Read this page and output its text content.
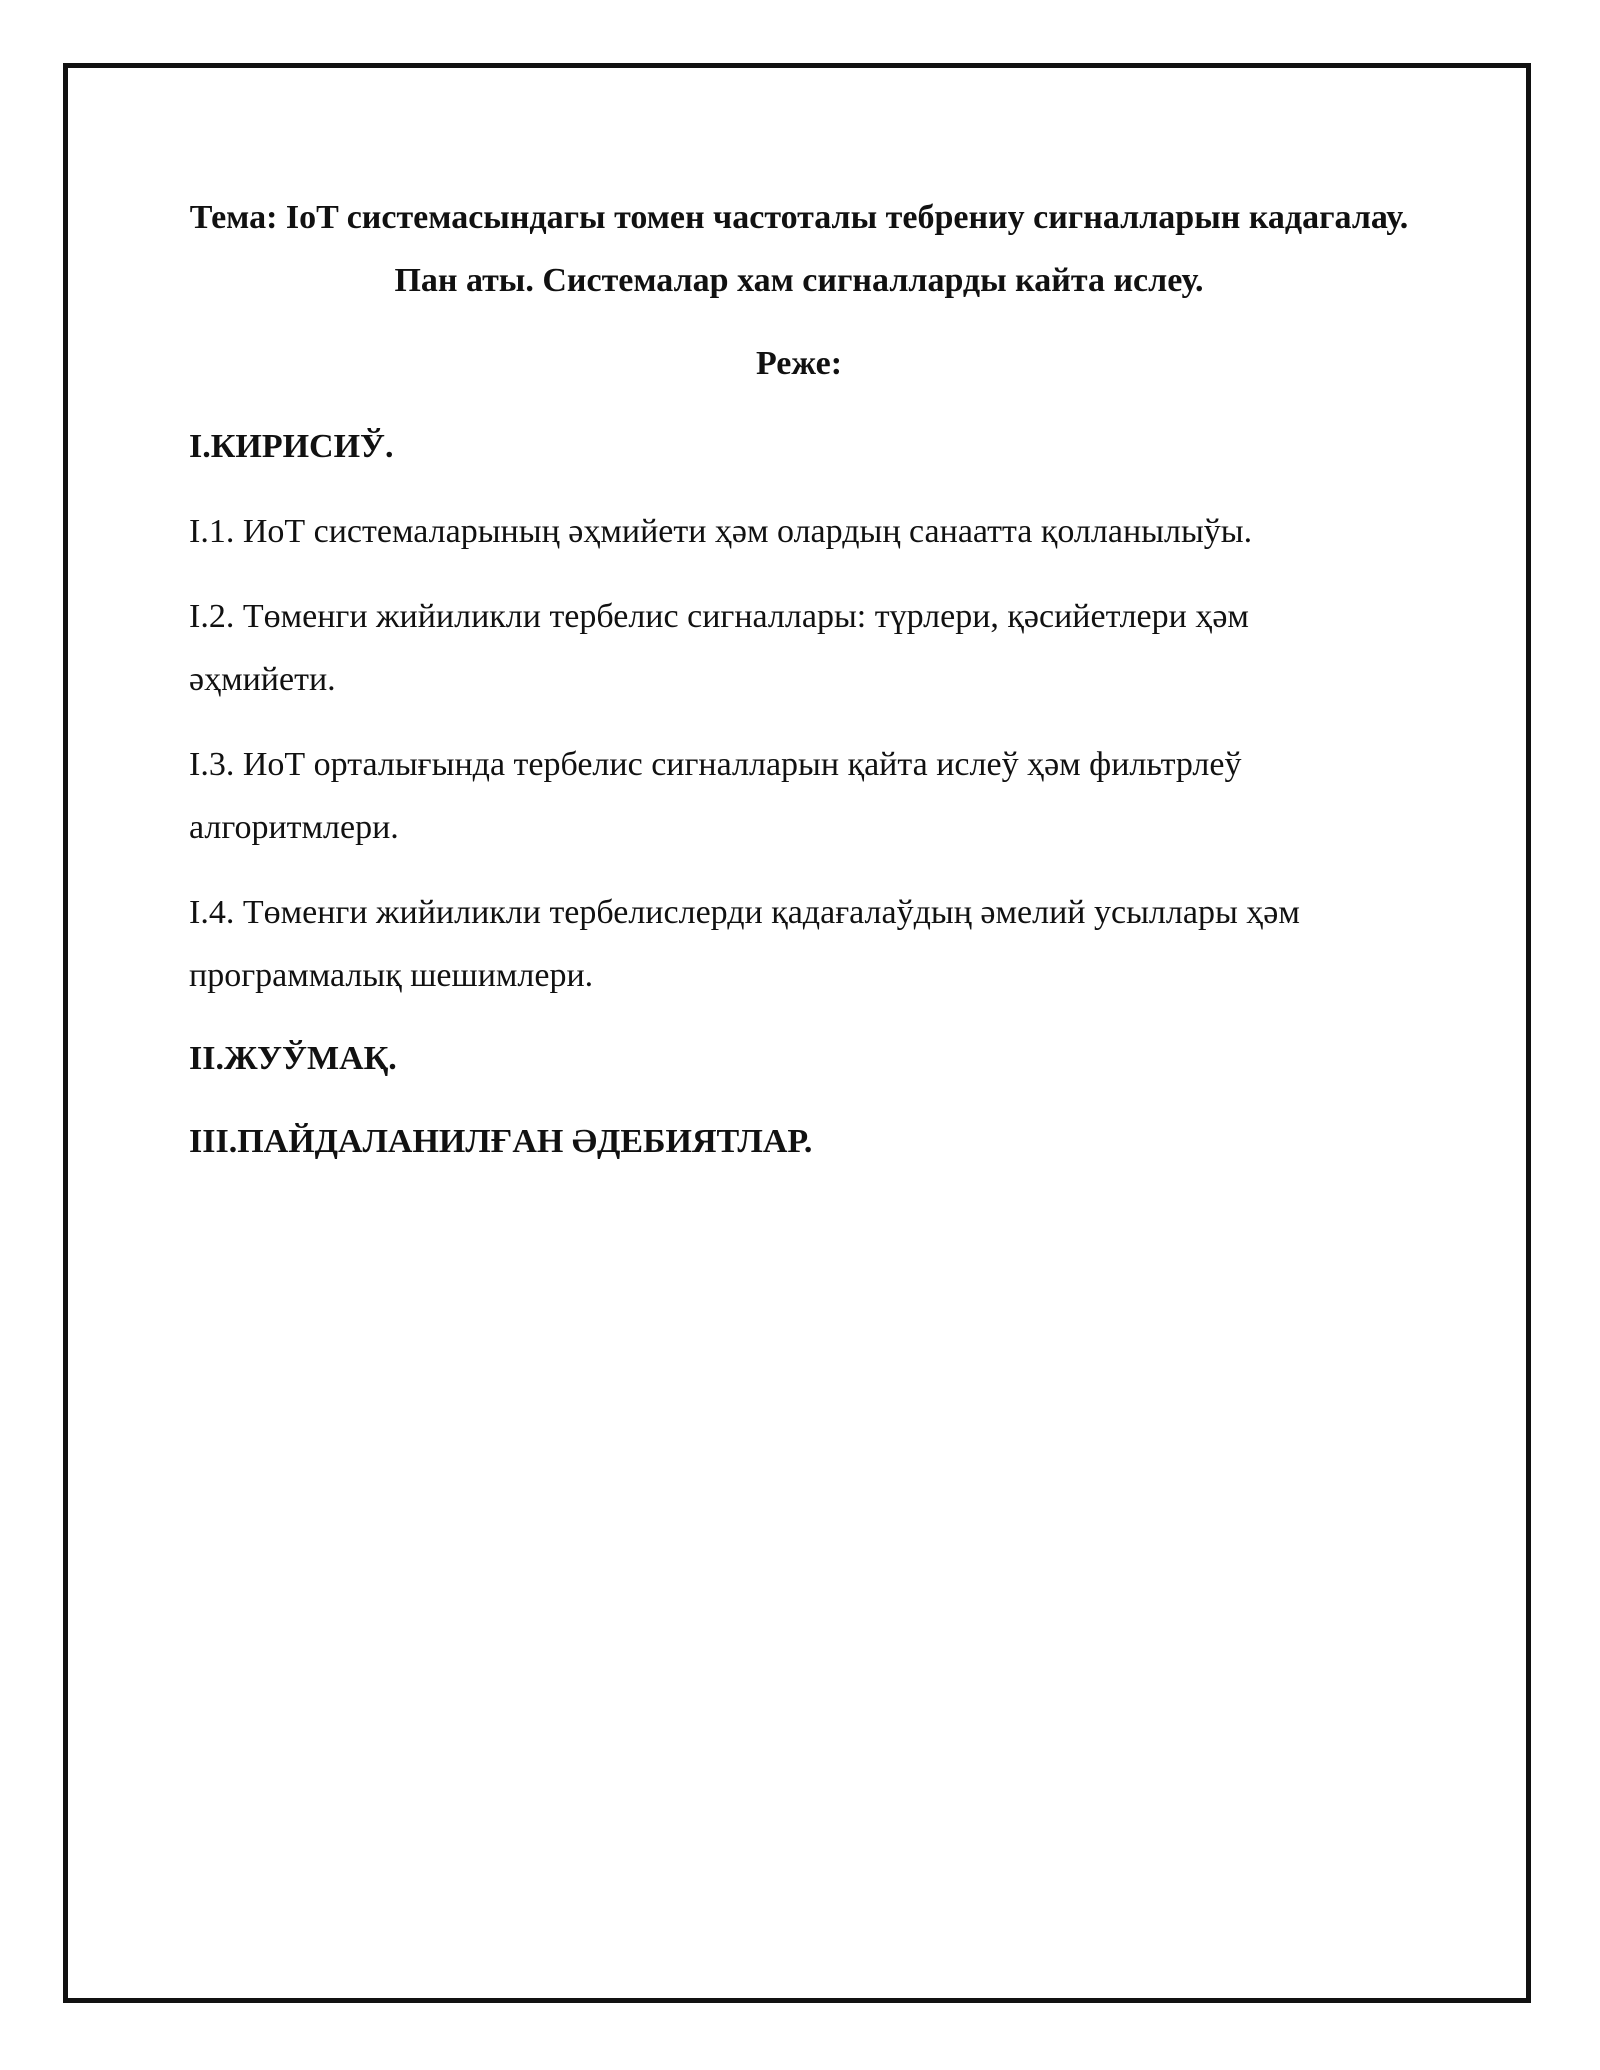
Тема: IoT системасындагы томен частоталы тебрениу сигналларын кадагалау. Пан аты. Системалар хам сигналларды кайта ислеу.

Реже:

I.КИРИСИЎ.

I.1. ИоТ системаларының әҳмийети ҳәм олардың санаатта қолланылыўы.

I.2. Төменги жийиликли тербелис сигналлары: түрлери, қәсийетлери ҳәм әҳмийети.

I.3. ИоТ орталығында тербелис сигналларын қайта ислеў ҳәм фильтрлеў алгоритмлери.

I.4. Төменги жийиликли тербелислерди қадағалаўдың әмелий усыллары ҳәм программалық шешимлери.

II.ЖУЎМАҚ.

III.ПАЙДАЛАНИЛҒАН ӘДЕБИЯТЛАР.
